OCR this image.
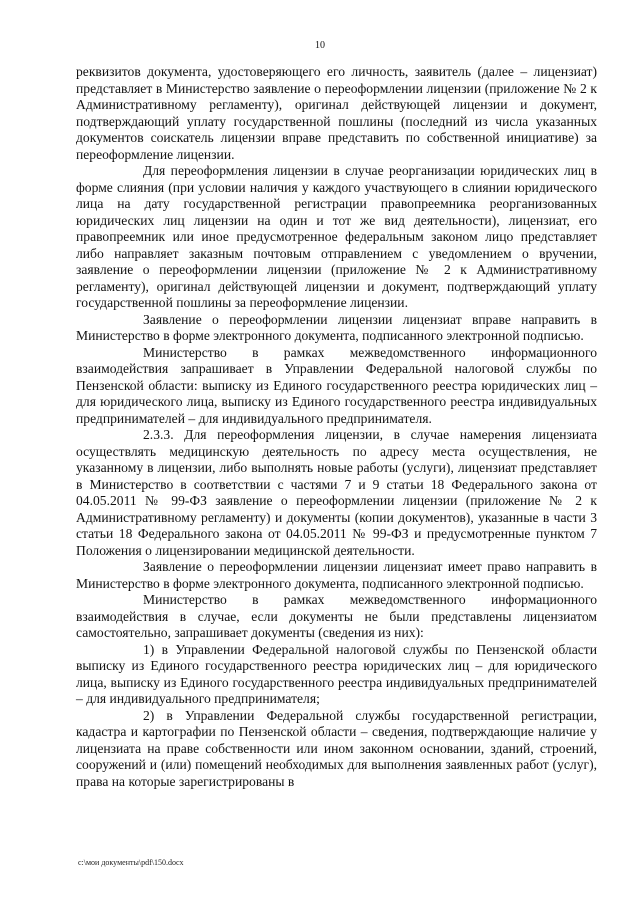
10

реквизитов документа, удостоверяющего его личность, заявитель (далее – лицензиат) представляет в Министерство заявление о переоформлении лицензии (приложение № 2 к Административному регламенту), оригинал действующей лицензии и документ, подтверждающий уплату государственной пошлины (последний из числа указанных документов соискатель лицензии вправе представить по собственной инициативе) за переоформление лицензии.

Для переоформления лицензии в случае реорганизации юридических лиц в форме слияния (при условии наличия у каждого участвующего в слиянии юридического лица на дату государственной регистрации правопреемника реорганизованных юридических лиц лицензии на один и тот же вид деятельности), лицензиат, его правопреемник или иное предусмотренное федеральным законом лицо представляет либо направляет заказным почтовым отправлением с уведомлением о вручении, заявление о переоформлении лицензии (приложение № 2 к Административному регламенту), оригинал действующей лицензии и документ, подтверждающий уплату государственной пошлины за переоформление лицензии.

Заявление о переоформлении лицензии лицензиат вправе направить в Министерство в форме электронного документа, подписанного электронной подписью.

Министерство в рамках межведомственного информационного взаимодействия запрашивает в Управлении Федеральной налоговой службы по Пензенской области: выписку из Единого государственного реестра юридических лиц – для юридического лица, выписку из Единого государственного реестра индивидуальных предпринимателей – для индивидуального предпринимателя.

2.3.3. Для переоформления лицензии, в случае намерения лицензиата осуществлять медицинскую деятельность по адресу места осуществления, не указанному в лицензии, либо выполнять новые работы (услуги), лицензиат представляет в Министерство в соответствии с частями 7 и 9 статьи 18 Федерального закона от 04.05.2011 № 99-ФЗ заявление о переоформлении лицензии (приложение № 2 к Административному регламенту) и документы (копии документов), указанные в части 3 статьи 18 Федерального закона от 04.05.2011 № 99-ФЗ и предусмотренные пунктом 7 Положения о лицензировании медицинской деятельности.

Заявление о переоформлении лицензии лицензиат имеет право направить в Министерство в форме электронного документа, подписанного электронной подписью.

Министерство в рамках межведомственного информационного взаимодействия в случае, если документы не были представлены лицензиатом самостоятельно, запрашивает документы (сведения из них):

1) в Управлении Федеральной налоговой службы по Пензенской области выписку из Единого государственного реестра юридических лиц – для юридического лица, выписку из Единого государственного реестра индивидуальных предпринимателей – для индивидуального предпринимателя;

2) в Управлении Федеральной службы государственной регистрации, кадастра и картографии по Пензенской области – сведения, подтверждающие наличие у лицензиата на праве собственности или ином законном основании, зданий, строений, сооружений и (или) помещений необходимых для выполнения заявленных работ (услуг), права на которые зарегистрированы в

c:\мои документы\pdf\150.docx
